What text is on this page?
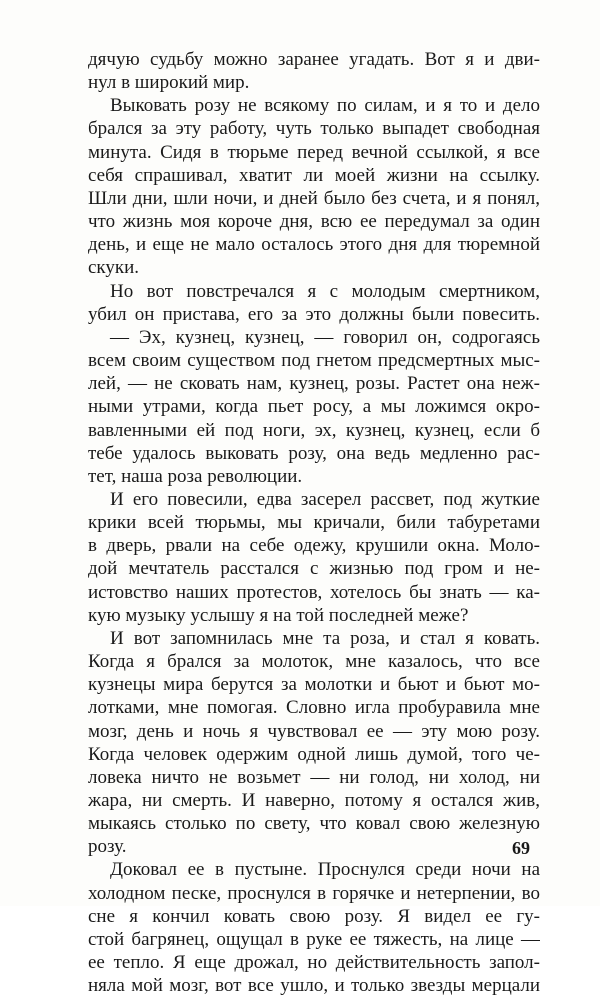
дячую судьбу можно заранее угадать. Вот я и дви-
нул в широкий мир.
Выковать розу не всякому по силам, и я то и дело
брался за эту работу, чуть только выпадет свободная
минута. Сидя в тюрьме перед вечной ссылкой, я все
себя спрашивал, хватит ли моей жизни на ссылку.
Шли дни, шли ночи, и дней было без счета, и я понял,
что жизнь моя короче дня, всю ее передумал за один
день, и еще не мало осталось этого дня для тюремной
скуки.
Но вот повстречался я с молодым смертником,
убил он пристава, его за это должны были повесить.
— Эх, кузнец, кузнец, — говорил он, содрогаясь
всем своим существом под гнетом предсмертных мыс-
лей, — не сковать нам, кузнец, розы. Растет она неж-
ными утрами, когда пьет росу, а мы ложимся окро-
вавленными ей под ноги, эх, кузнец, кузнец, если б
тебе удалось выковать розу, она ведь медленно рас-
тет, наша роза революции.
И его повесили, едва засерел рассвет, под жуткие
крики всей тюрьмы, мы кричали, били табуретами
в дверь, рвали на себе одежу, крушили окна. Моло-
дой мечтатель расстался с жизнью под гром и не-
истовство наших протестов, хотелось бы знать — ка-
кую музыку услышу я на той последней меже?
И вот запомнилась мне та роза, и стал я ковать.
Когда я брался за молоток, мне казалось, что все
кузнецы мира берутся за молотки и бьют и бьют мо-
лотками, мне помогая. Словно игла пробуравила мне
мозг, день и ночь я чувствовал ее — эту мою розу.
Когда человек одержим одной лишь думой, того че-
ловека ничто не возьмет — ни голод, ни холод, ни
жара, ни смерть. И наверно, потому я остался жив,
мыкаясь столько по свету, что ковал свою железную
розу.
Доковал ее в пустыне. Проснулся среди ночи на
холодном песке, проснулся в горячке и нетерпении, во
сне я кончил ковать свою розу. Я видел ее гу-
стой багрянец, ощущал в руке ее тяжесть, на лице —
ее тепло. Я еще дрожал, но действительность запол-
няла мой мозг, вот все ушло, и только звезды мерцали
69
